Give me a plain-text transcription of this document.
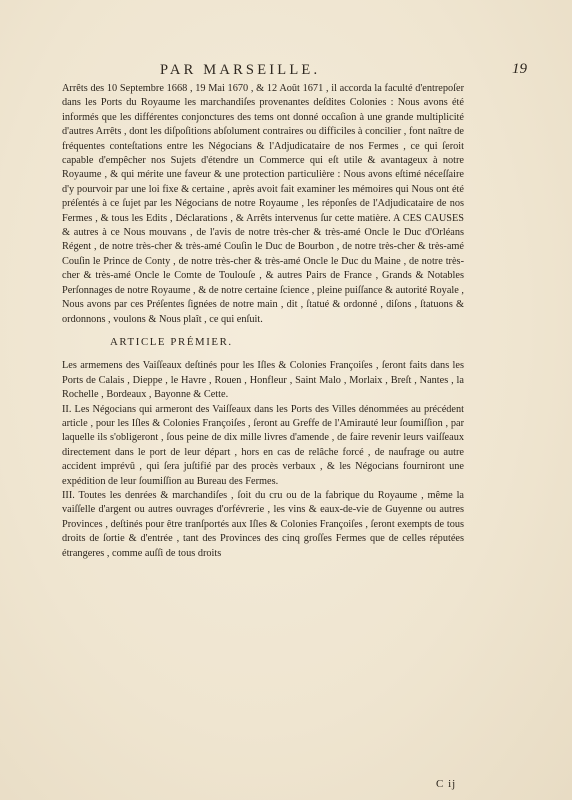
PAR MARSEILLE.	19

Arrêts des 10 Septembre 1668 , 19 Mai 1670 , & 12 Août 1671 , il accorda la faculté d'entrepoſer dans les Ports du Royaume les marchandiſes provenantes deſdites Colonies : Nous avons été informés que les différentes conjonctures des tems ont donné occaſion à une grande multiplicité d'autres Arrêts , dont les diſpoſitions abſolument contraires ou difficiles à concilier , font naître de fréquentes conteſtations entre les Négocians & l'Adjudicataire de nos Fermes , ce qui ſeroit capable d'empêcher nos Sujets d'étendre un Commerce qui eſt utile & avantageux à notre Royaume , & qui mérite une faveur & une protection particulière : Nous avons eſtimé néceſſaire d'y pourvoir par une loi fixe & certaine , après avoit fait examiner les mémoires qui Nous ont été préſentés à ce ſujet par les Négocians de notre Royaume , les réponſes de l'Adjudicataire de nos Fermes , & tous les Edits , Déclarations , & Arrêts intervenus ſur cette matière. A CES CAUSES & autres à ce Nous mouvans , de l'avis de notre très-cher & très-amé Oncle le Duc d'Orléans Régent , de notre très-cher & très-amé Couſin le Duc de Bourbon , de notre très-cher & très-amé Couſin le Prince de Conty , de notre très-cher & très-amé Oncle le Duc du Maine , de notre très-cher & très-amé Oncle le Comte de Toulouſe , & autres Pairs de France , Grands & Notables Perſonnages de notre Royaume , & de notre certaine ſcience , pleine puiſſance & autorité Royale , Nous avons par ces Préſentes ſignées de notre main , dit , ſtatué & ordonné , diſons , ſtatuons & ordonnons , voulons & Nous plaît , ce qui enſuit.

ARTICLE PRÉMIER.

Les armemens des Vaiſſeaux deſtinés pour les Iſles & Colonies Françoiſes , ſeront faits dans les Ports de Calais , Dieppe , le Havre , Rouen , Honfleur , Saint Malo , Morlaix , Breſt , Nantes , la Rochelle , Bordeaux , Bayonne & Cette.

II. Les Négocians qui armeront des Vaiſſeaux dans les Ports des Villes dénommées au précédent article , pour les Iſles & Colonies Françoiſes , ſeront au Greffe de l'Amirauté leur ſoumiſſion , par laquelle ils s'obligeront , ſous peine de dix mille livres d'amende , de faire revenir leurs vaiſſeaux directement dans le port de leur départ , hors en cas de relâche forcé , de naufrage ou autre accident imprévû , qui ſera juſtifié par des procès verbaux , & les Négocians fourniront une expédition de leur ſoumiſſion au Bureau des Fermes.

III. Toutes les denrées & marchandiſes , ſoit du cru ou de la fabrique du Royaume , même la vaiſſelle d'argent ou autres ouvrages d'orfévrerie , les vins & eaux-de-vie de Guyenne ou autres Provinces , deſtinés pour être tranſportés aux Iſles & Colonies Françoiſes , ſeront exempts de tous droits de ſortie & d'entrée , tant des Provinces des cinq groſſes Fermes que de celles réputées étrangeres , comme auſſi de tous droits

C ij
